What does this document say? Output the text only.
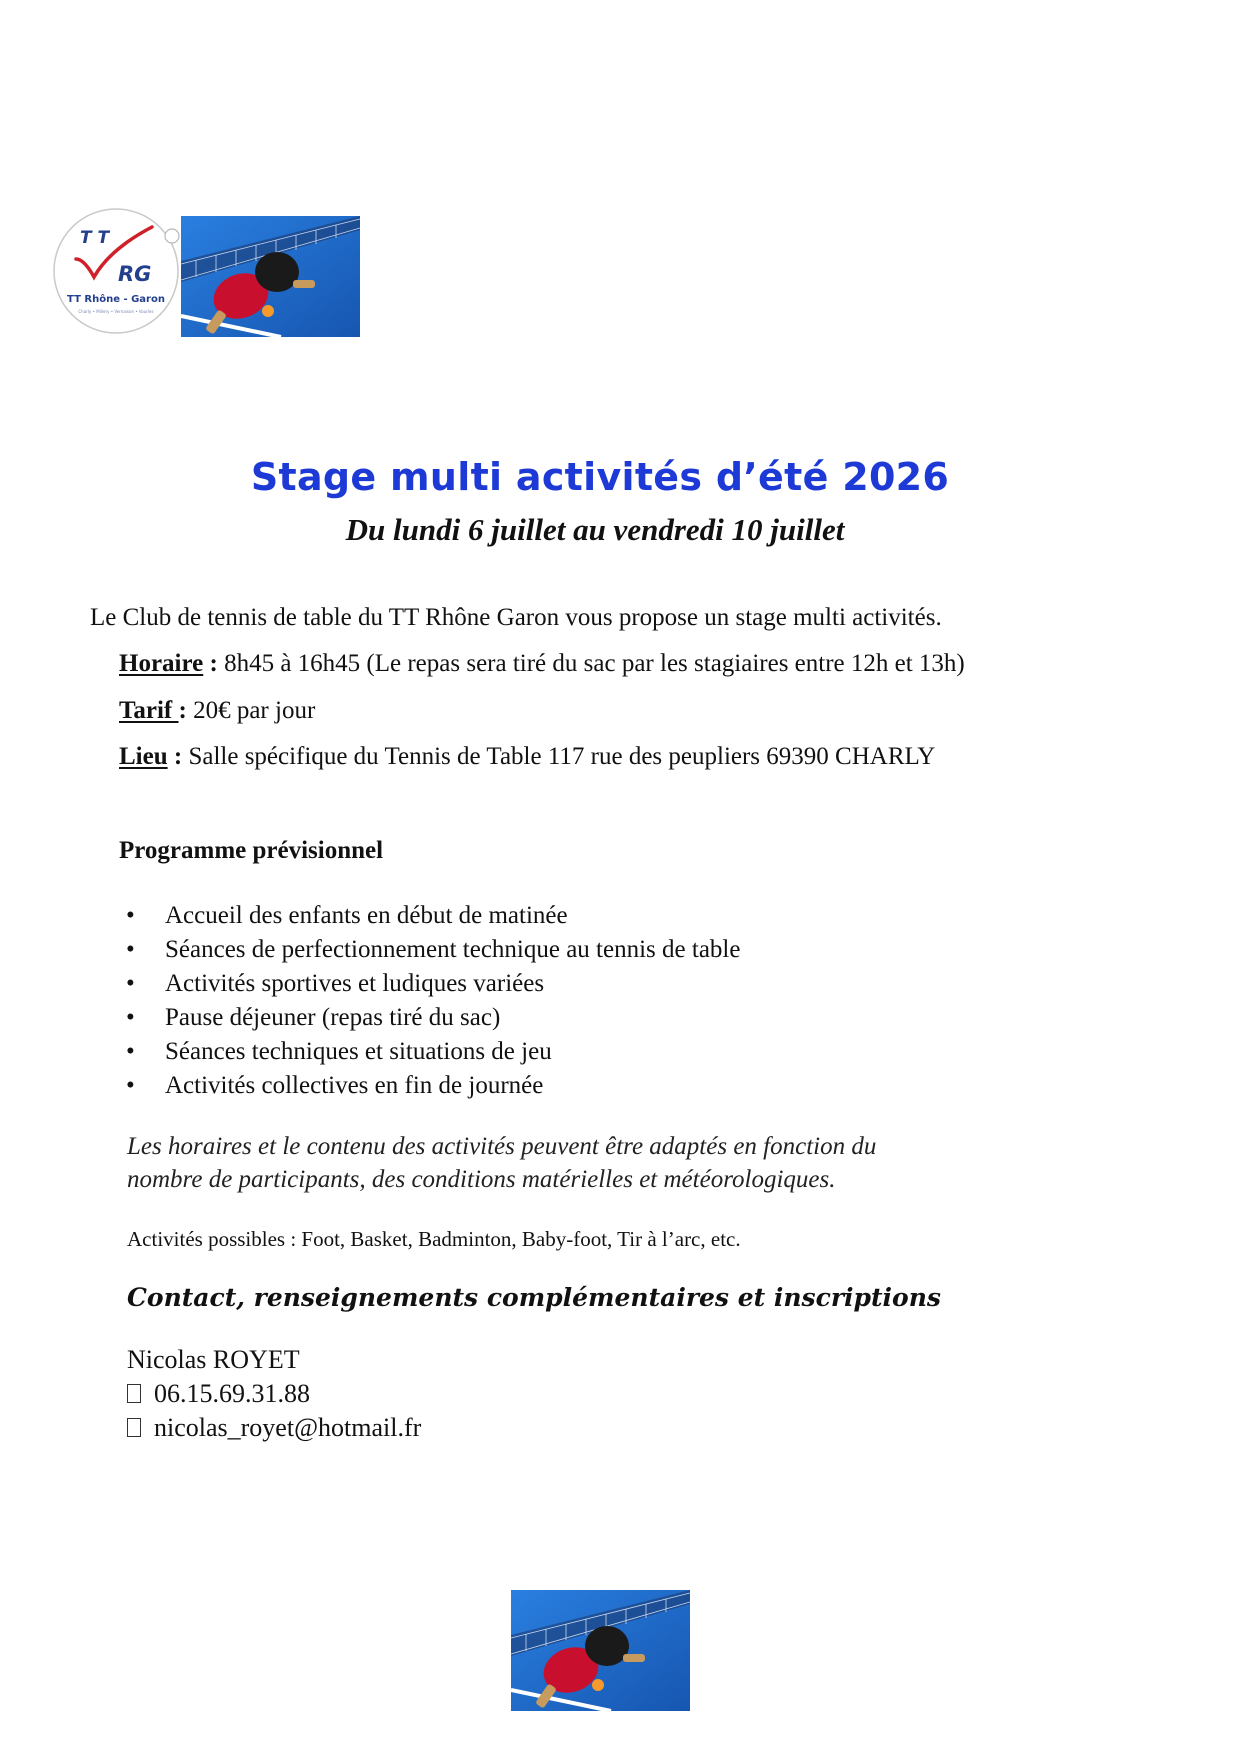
T T
RG
TT Rhône - Garon
Charly • Millery • Vernaison • Vourles
Stage multi activités d’été 2026
Du lundi 6 juillet au vendredi 10 juillet
Le Club de tennis de table du TT Rhône Garon vous propose un stage multi activités.
Horaire : 8h45 à 16h45 (Le repas sera tiré du sac par les stagiaires entre 12h et 13h)
Tarif : 20€ par jour
Lieu : Salle spécifique du Tennis de Table 117 rue des peupliers 69390 CHARLY
Programme prévisionnel
• Accueil des enfants en début de matinée
• Séances de perfectionnement technique au tennis de table
• Activités sportives et ludiques variées
• Pause déjeuner (repas tiré du sac)
• Séances techniques et situations de jeu
• Activités collectives en fin de journée
Les horaires et le contenu des activités peuvent être adaptés en fonction du
nombre de participants, des conditions matérielles et météorologiques.
Activités possibles : Foot, Basket, Badminton, Baby-foot, Tir à l’arc, etc.
Contact, renseignements complémentaires et inscriptions
Nicolas ROYET
06.15.69.31.88
nicolas_royet@hotmail.fr
